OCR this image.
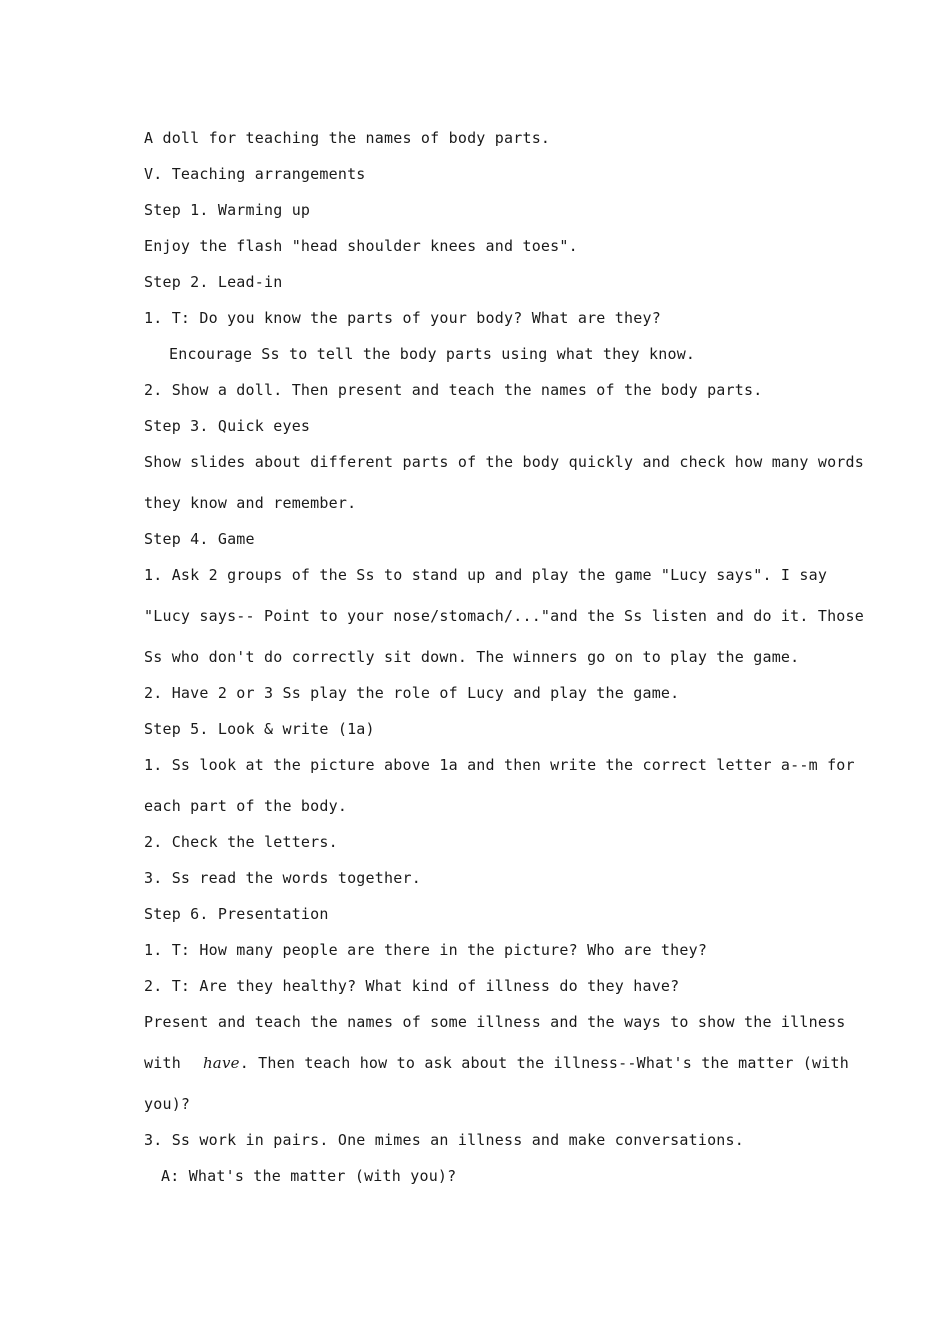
A doll for teaching the names of body parts.
V. Teaching arrangements
Step 1. Warming up
Enjoy the flash "head shoulder knees and toes".
Step 2. Lead-in
1. T: Do you know the parts of your body? What are they?
Encourage Ss to tell the body parts using what they know.
2. Show a doll. Then present and teach the names of the body parts.
Step 3. Quick eyes
Show slides about different parts of the body quickly and check how many words
they know and remember.
Step 4. Game
1. Ask 2 groups of the Ss to stand up and play the game "Lucy says". I say
"Lucy says-- Point to your nose/stomach/..."and the Ss listen and do it. Those
Ss who don't do correctly sit down. The winners go on to play the game.
2. Have 2 or 3 Ss play the role of Lucy and play the game.
Step 5. Look & write (1a)
1. Ss look at the picture above 1a and then write the correct letter a--m for
each part of the body.
2. Check the letters.
3. Ss read the words together.
Step 6. Presentation
1. T: How many people are there in the picture? Who are they?
2. T: Are they healthy? What kind of illness do they have?
Present and teach the names of some illness and the ways to show the illness
with have. Then teach how to ask about the illness--What's the matter (with
you)?
3. Ss work in pairs. One mimes an illness and make conversations.
A: What's the matter (with you)?
